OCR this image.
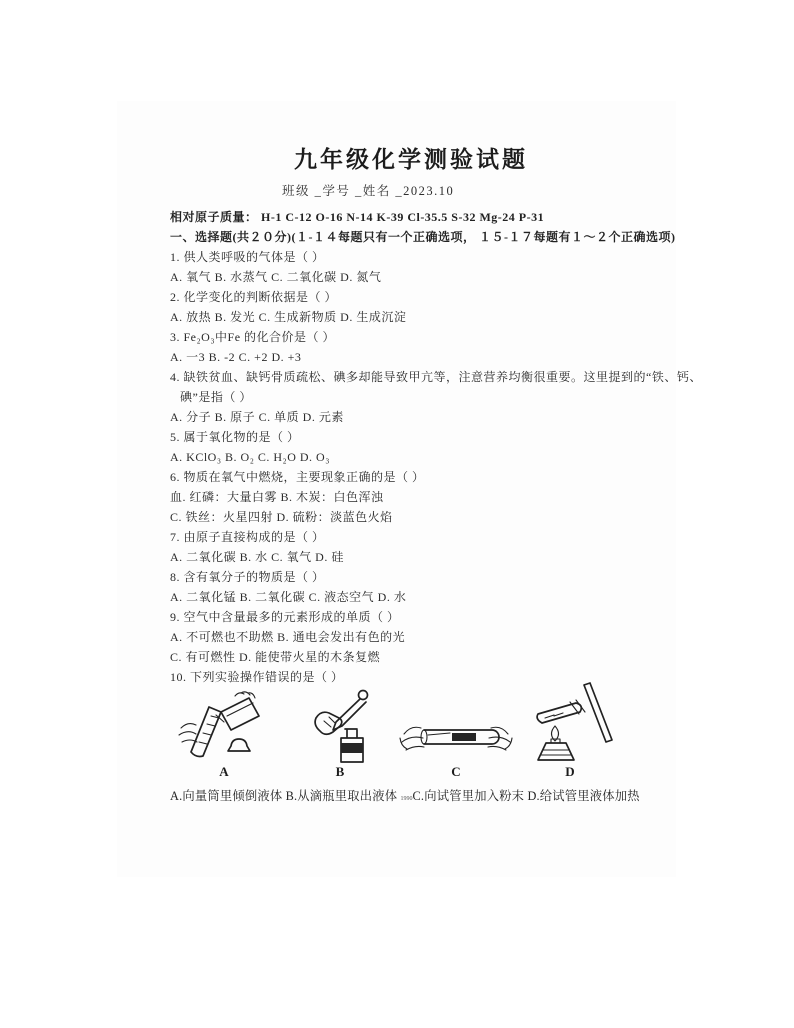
九年级化学测验试题
班级 _学号 _姓名 _2023.10
相对原子质量： H-1 C-12 O-16 N-14 K-39 Cl-35.5 S-32 Mg-24 P-31
一、选择题(共２０分)(１-１４每题只有一个正确选项， １５-１７每题有１～２个正确选项)
1. 供人类呼吸的气体是（ ）
A. 氧气 B. 水蒸气 C. 二氧化碳 D. 氮气
2. 化学变化的判断依据是（ ）
A. 放热 B. 发光 C. 生成新物质 D. 生成沉淀
3. Fe₂O₃中Fe 的化合价是（ ）
A. 一3 B. -2 C. +2 D. +3
4. 缺铁贫血、缺钙骨质疏松、碘多却能导致甲亢等，注意营养均衡很重要。这里提到的“铁、钙、
碘”是指（ ）
A. 分子 B. 原子 C. 单质 D. 元素
5. 属于氧化物的是（ ）
A. KClO₃ B. O₂ C. H₂O D. O₃
6. 物质在氧气中燃烧，主要现象正确的是（ ）
血. 红磷：大量白雾 B. 木炭：白色浑浊
C. 铁丝：火星四射 D. 硫粉：淡蓝色火焰
7. 由原子直接构成的是（ ）
A. 二氧化碳 B. 水 C. 氧气 D. 硅
8. 含有氧分子的物质是（ ）
A. 二氧化锰 B. 二氧化碳 C. 液态空气 D. 水
9. 空气中含量最多的元素形成的单质（ ）
A. 不可燃也不助燃 B. 通电会发出有色的光
C. 有可燃性 D. 能使带火星的木条复燃
10. 下列实验操作错误的是（ ）
A	B	C	D
A.向量筒里倾倒液体 B.从滴瓶里取出液体 1990C.向试管里加入粉末 D.给试管里液体加热
